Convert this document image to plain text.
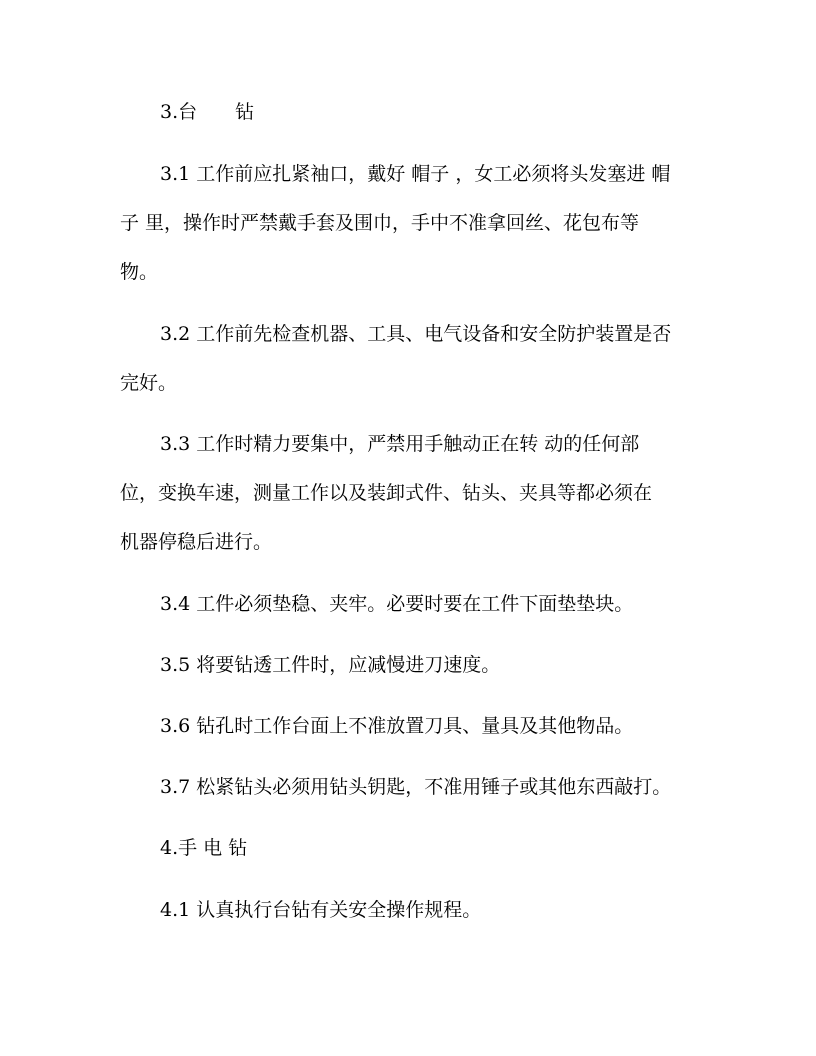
3.台　　钻
3.1 工作前应扎紧袖口，戴好 帽子 ，女工必须将头发塞进 帽
子 里，操作时严禁戴手套及围巾，手中不准拿回丝、花包布等
物。
3.2 工作前先检查机器、工具、电气设备和安全防护装置是否
完好。
3.3 工作时精力要集中，严禁用手触动正在转 动的任何部
位，变换车速，测量工作以及装卸式件、钻头、夹具等都必须在
机器停稳后进行。
3.4 工件必须垫稳、夹牢。必要时要在工件下面垫垫块。
3.5 将要钻透工件时，应减慢进刀速度。
3.6 钻孔时工作台面上不准放置刀具、量具及其他物品。
3.7 松紧钻头必须用钻头钥匙，不准用锤子或其他东西敲打。
4.手 电 钻
4.1 认真执行台钻有关安全操作规程。
